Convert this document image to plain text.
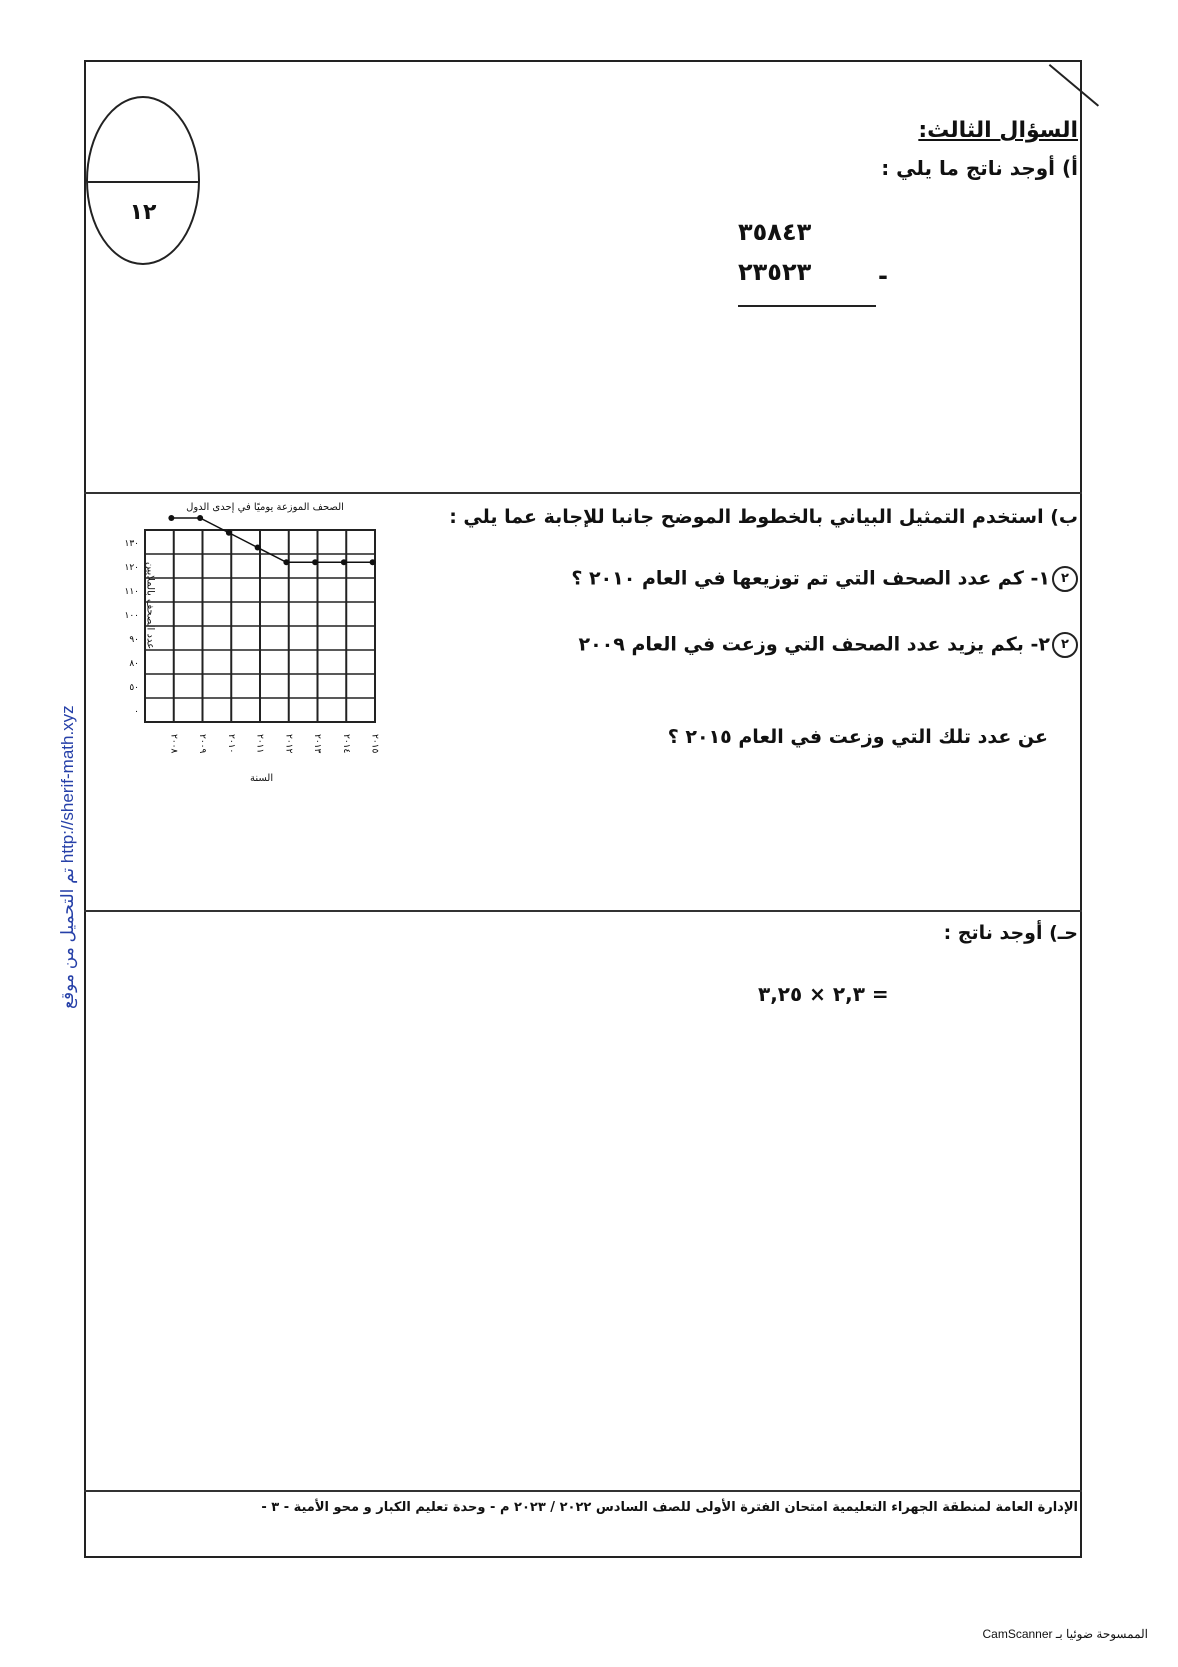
السؤال الثالث:
أ) أوجد ناتج ما يلي :
١٢
٣٥٨٤٣
٢٣٥٢٣	-
ب) استخدم التمثيل البياني بالخطوط الموضح جانبا للإجابة عما يلي :
٢١- كم عدد الصحف التي تم توزيعها في العام ٢٠١٠ ؟
٢٢- بكم يزيد عدد الصحف التي وزعت في العام ٢٠٠٩
عن عدد تلك التي وزعت في العام ٢٠١٥ ؟
الصحف الموزعة يوميًا في إحدى الدول
عدد الصحف بالملايين
السنة
٠
٥٠
٨٠
٩٠
١٠٠
١١٠
١٢٠
١٣٠
٢٠٠٨ ٢٠٠٩ ٢٠١٠ ٢٠١١ ٢٠١٢ ٢٠١٣ ٢٠١٤ ٢٠١٥
حـ) أوجد ناتج :
= ٢,٣ × ٣,٢٥
الإدارة العامة لمنطقة الجهراء التعليمية امتحان الفترة الأولى للصف السادس ٢٠٢٢ / ٢٠٢٣ م - وحدة تعليم الكبار و محو الأمية - ٣ -
تم التحميل من موقع http://sherif-math.xyz
الممسوحة ضوئيا بـ CamScanner
